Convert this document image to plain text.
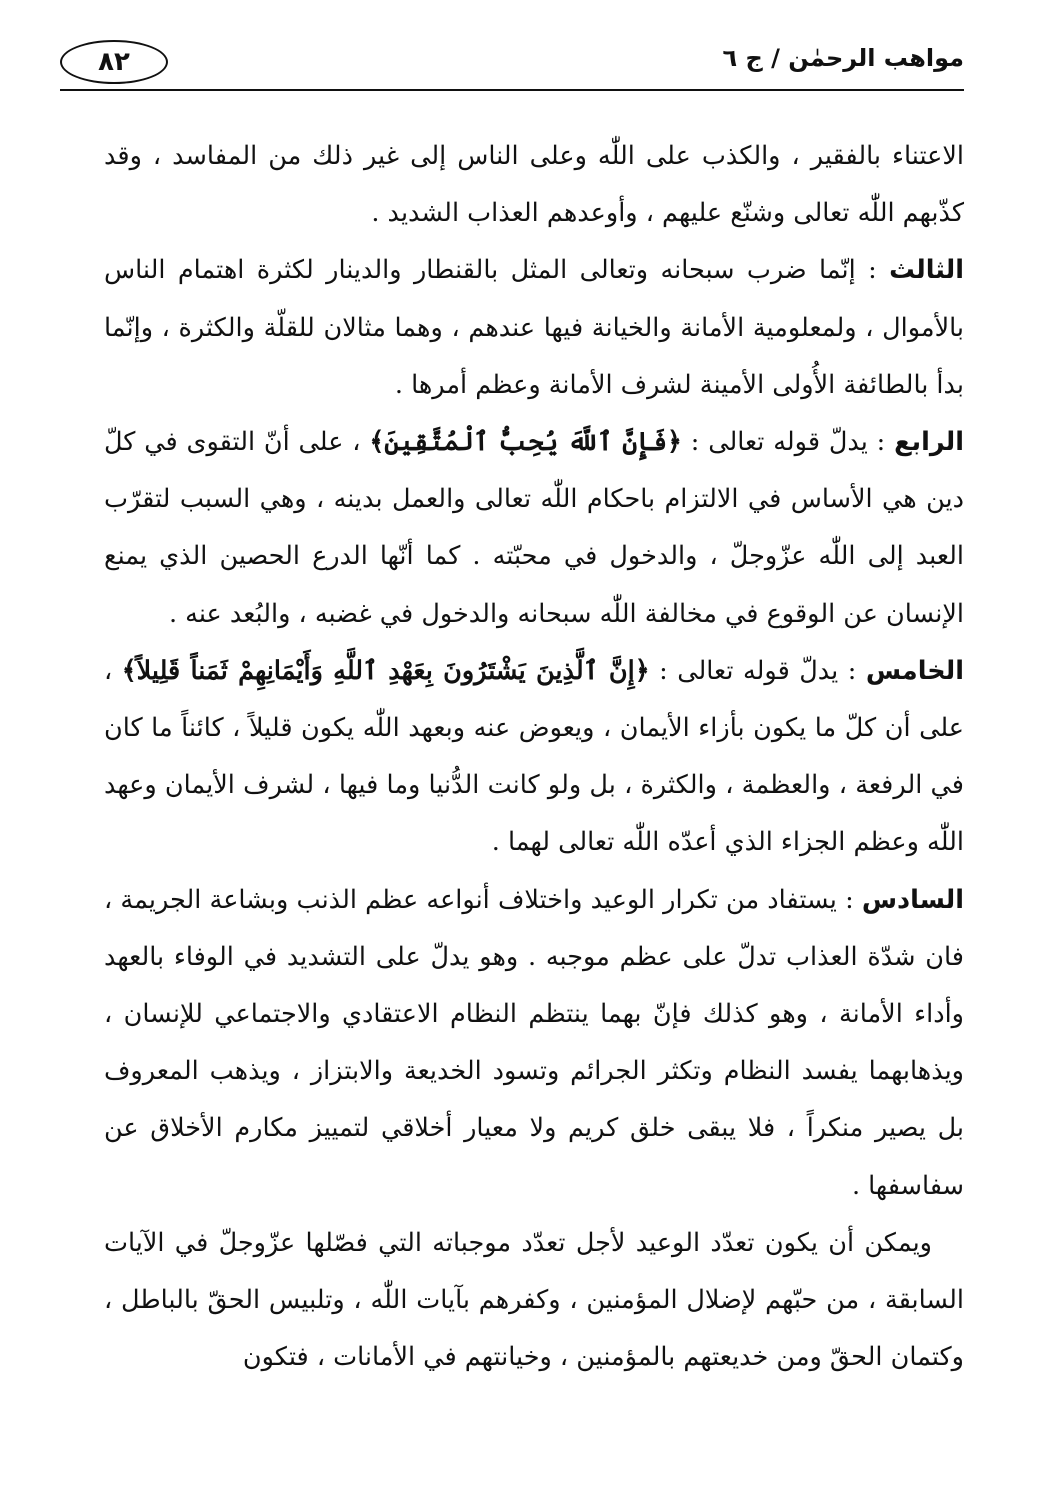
مواهب الرحمٰن / ج ٦
٨٢

الاعتناء بالفقير ، والكذب على اللّٰه وعلى الناس إلى غير ذلك من المفاسد ، وقد كذّبهم اللّٰه تعالى وشنّع عليهم ، وأوعدهم العذاب الشديد .

الثالث : إنّما ضرب سبحانه وتعالى المثل بالقنطار والدينار لكثرة اهتمام الناس بالأموال ، ولمعلومية الأمانة والخيانة فيها عندهم ، وهما مثالان للقلّة والكثرة ، وإنّما بدأ بالطائفة الأُولى الأمينة لشرف الأمانة وعظم أمرها .

الرابع : يدلّ قوله تعالى : ﴿فَإِنَّ ٱللَّهَ يُحِبُّ ٱلْمُتَّقِينَ﴾ ، على أنّ التقوى في كلّ دين هي الأساس في الالتزام باحكام اللّٰه تعالى والعمل بدينه ، وهي السبب لتقرّب العبد إلى اللّٰه عزّوجلّ ، والدخول في محبّته . كما أنّها الدرع الحصين الذي يمنع الإنسان عن الوقوع في مخالفة اللّٰه سبحانه والدخول في غضبه ، والبُعد عنه .

الخامس : يدلّ قوله تعالى : ﴿إِنَّ ٱلَّذِينَ يَشْتَرُونَ بِعَهْدِ ٱللَّهِ وَأَيْمَانِهِمْ ثَمَناً قَلِيلاً﴾ ، على أن كلّ ما يكون بأزاء الأيمان ، ويعوض عنه وبعهد اللّٰه يكون قليلاً ، كائناً ما كان في الرفعة ، والعظمة ، والكثرة ، بل ولو كانت الدُّنيا وما فيها ، لشرف الأيمان وعهد اللّٰه وعظم الجزاء الذي أعدّه اللّٰه تعالى لهما .

السادس : يستفاد من تكرار الوعيد واختلاف أنواعه عظم الذنب وبشاعة الجريمة ، فان شدّة العذاب تدلّ على عظم موجبه . وهو يدلّ على التشديد في الوفاء بالعهد وأداء الأمانة ، وهو كذلك فإنّ بهما ينتظم النظام الاعتقادي والاجتماعي للإنسان ، ويذهابهما يفسد النظام وتكثر الجرائم وتسود الخديعة والابتزاز ، ويذهب المعروف بل يصير منكراً ، فلا يبقى خلق كريم ولا معيار أخلاقي لتمييز مكارم الأخلاق عن سفاسفها .

ويمكن أن يكون تعدّد الوعيد لأجل تعدّد موجباته التي فصّلها عزّوجلّ في الآيات السابقة ، من حبّهم لإضلال المؤمنين ، وكفرهم بآيات اللّٰه ، وتلبيس الحقّ بالباطل ، وكتمان الحقّ ومن خديعتهم بالمؤمنين ، وخيانتهم في الأمانات ، فتكون
